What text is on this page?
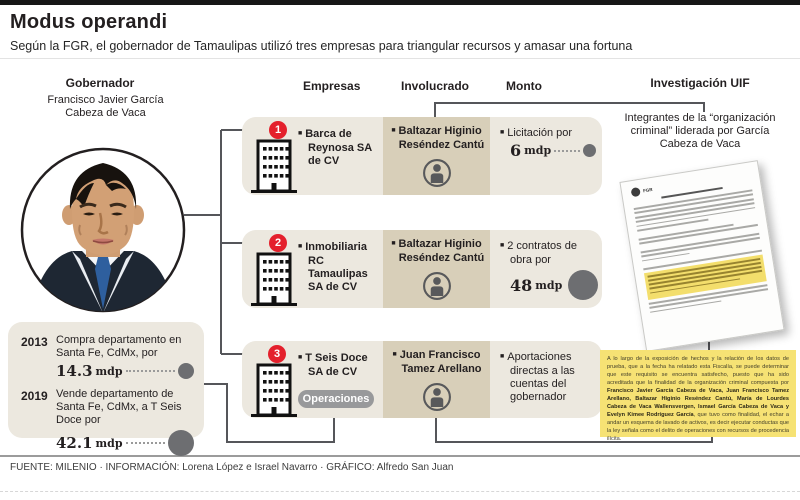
Modus operandi
Según la FGR, el gobernador de Tamaulipas utilizó tres empresas para triangular recursos y amasar una fortuna
Gobernador	Empresas	Involucrado	Monto	Investigación UIF
Francisco Javier García
Cabeza de Vaca
2013 Compra departamento en Santa Fe, CdMx, por
14.3 mdp
2019 Vende departamento de Santa Fe, CdMx, a T Seis Doce por
42.1 mdp
1	■ Barca de Reynosa SA de CV
■ Baltazar Higinio Reséndez Cantú
■ Licitación por
6 mdp
2	■ Inmobiliaria RC Tamaulipas SA de CV
■ Baltazar Higinio Reséndez Cantú
■ 2 contratos de obra por
48 mdp
3	■ T Seis Doce SA de CV
Operaciones
■ Juan Francisco Tamez Arellano
■ Aportaciones directas a las cuentas del gobernador
Integrantes de la “organización criminal” liderada por García Cabeza de Vaca
FGR
A lo largo de la exposición de hechos y la relación de los datos de prueba, que a la fecha ha relatado esta Fiscalía, se puede determinar que este requisito se encuentra satisfecho, puesto que ha sido acreditada que la finalidad de la organización criminal compuesta por Francisco Javier García Cabeza de Vaca, Juan Francisco Tamez Arellano, Baltazar Higinio Reséndez Cantú, María de Lourdes Cabeza de Vaca Wallensvergen, Ismael García Cabeza de Vaca y Evelyn Kimee Rodríguez García, que tuvo como finalidad, el echar a andar un esquema de lavado de activos, es decir ejecutar conductas que la ley señala como el delito de operaciones con recursos de procedencia ilícita.
FUENTE: MILENIO · INFORMACIÓN: Lorena López e Israel Navarro · GRÁFICO: Alfredo San Juan
